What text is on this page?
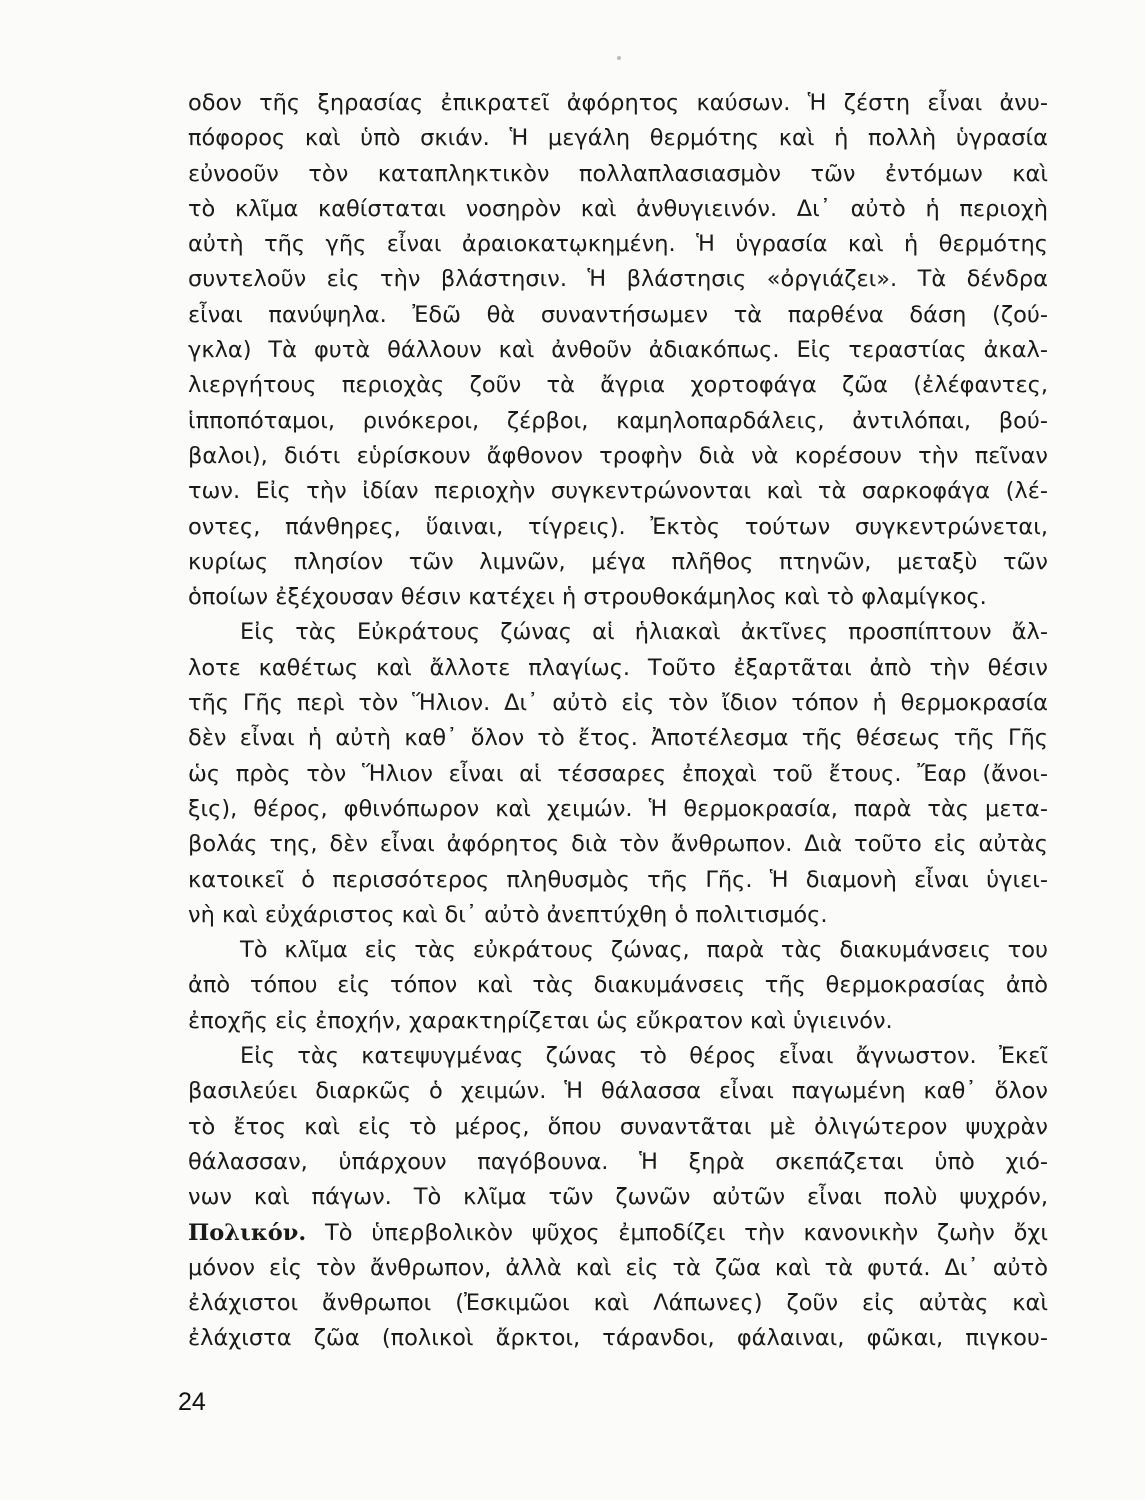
οδον τῆς ξηρασίας ἐπικρατεῖ ἀφόρητος καύσων. Ἡ ζέστη εἶναι ἀνυ-
πόφορος καὶ ὑπὸ σκιάν. Ἡ μεγάλη θερμότης καὶ ἡ πολλὴ ὑγρασία
εὐνοοῦν τὸν καταπληκτικὸν πολλαπλασιασμὸν τῶν ἐντόμων καὶ
τὸ κλῖμα καθίσταται νοσηρὸν καὶ ἀνθυγιεινόν. Δι᾽ αὐτὸ ἡ περιοχὴ
αὐτὴ τῆς γῆς εἶναι ἀραιοκατῳκημένη. Ἡ ὑγρασία καὶ ἡ θερμότης
συντελοῦν εἰς τὴν βλάστησιν. Ἡ βλάστησις «ὀργιάζει». Τὰ δένδρα
εἶναι πανύψηλα. Ἐδῶ θὰ συναντήσωμεν τὰ παρθένα δάση (ζού-
γκλα) Τὰ φυτὰ θάλλουν καὶ ἀνθοῦν ἀδιακόπως. Εἰς τεραστίας ἀκαλ-
λιεργήτους περιοχὰς ζοῦν τὰ ἄγρια χορτοφάγα ζῶα (ἐλέφαντες,
ἱπποπόταμοι, ρινόκεροι, ζέρβοι, καμηλοπαρδάλεις, ἀντιλόπαι, βού-
βαλοι), διότι εὑρίσκουν ἄφθονον τροφὴν διὰ νὰ κορέσουν τὴν πεῖναν
των. Εἰς τὴν ἰδίαν περιοχὴν συγκεντρώνονται καὶ τὰ σαρκοφάγα (λέ-
οντες, πάνθηρες, ὕαιναι, τίγρεις). Ἐκτὸς τούτων συγκεντρώνεται,
κυρίως πλησίον τῶν λιμνῶν, μέγα πλῆθος πτηνῶν, μεταξὺ τῶν
ὁποίων ἐξέχουσαν θέσιν κατέχει ἡ στρουθοκάμηλος καὶ τὸ φλαμίγκος.
Εἰς τὰς Εὐκράτους ζώνας αἱ ἡλιακαὶ ἀκτῖνες προσπίπτουν ἄλ-
λοτε καθέτως καὶ ἄλλοτε πλαγίως. Τοῦτο ἐξαρτᾶται ἀπὸ τὴν θέσιν
τῆς Γῆς περὶ τὸν Ἥλιον. Δι᾽ αὐτὸ εἰς τὸν ἴδιον τόπον ἡ θερμοκρασία
δὲν εἶναι ἡ αὐτὴ καθ᾽ ὅλον τὸ ἔτος. Ἀποτέλεσμα τῆς θέσεως τῆς Γῆς
ὡς πρὸς τὸν Ἥλιον εἶναι αἱ τέσσαρες ἐποχαὶ τοῦ ἔτους. Ἔαρ (ἄνοι-
ξις), θέρος, φθινόπωρον καὶ χειμών. Ἡ θερμοκρασία, παρὰ τὰς μετα-
βολάς της, δὲν εἶναι ἀφόρητος διὰ τὸν ἄνθρωπον. Διὰ τοῦτο εἰς αὐτὰς
κατοικεῖ ὁ περισσότερος πληθυσμὸς τῆς Γῆς. Ἡ διαμονὴ εἶναι ὑγιει-
νὴ καὶ εὐχάριστος καὶ δι᾽ αὐτὸ ἀνεπτύχθη ὁ πολιτισμός.
Τὸ κλῖμα εἰς τὰς εὐκράτους ζώνας, παρὰ τὰς διακυμάνσεις του
ἀπὸ τόπου εἰς τόπον καὶ τὰς διακυμάνσεις τῆς θερμοκρασίας ἀπὸ
ἐποχῆς εἰς ἐποχήν, χαρακτηρίζεται ὡς εὔκρατον καὶ ὑγιεινόν.
Εἰς τὰς κατεψυγμένας ζώνας τὸ θέρος εἶναι ἄγνωστον. Ἐκεῖ
βασιλεύει διαρκῶς ὁ χειμών. Ἡ θάλασσα εἶναι παγωμένη καθ᾽ ὅλον
τὸ ἔτος καὶ εἰς τὸ μέρος, ὅπου συναντᾶται μὲ ὀλιγώτερον ψυχρὰν
θάλασσαν, ὑπάρχουν παγόβουνα. Ἡ ξηρὰ σκεπάζεται ὑπὸ χιό-
νων καὶ πάγων. Τὸ κλῖμα τῶν ζωνῶν αὐτῶν εἶναι πολὺ ψυχρόν,
Πολικόν. Τὸ ὑπερβολικὸν ψῦχος ἐμποδίζει τὴν κανονικὴν ζωὴν ὄχι
μόνον εἰς τὸν ἄνθρωπον, ἀλλὰ καὶ εἰς τὰ ζῶα καὶ τὰ φυτά. Δι᾽ αὐτὸ
ἐλάχιστοι ἄνθρωποι (Ἐσκιμῶοι καὶ Λάπωνες) ζοῦν εἰς αὐτὰς καὶ
ἐλάχιστα ζῶα (πολικοὶ ἄρκτοι, τάρανδοι, φάλαιναι, φῶκαι, πιγκου-
24
